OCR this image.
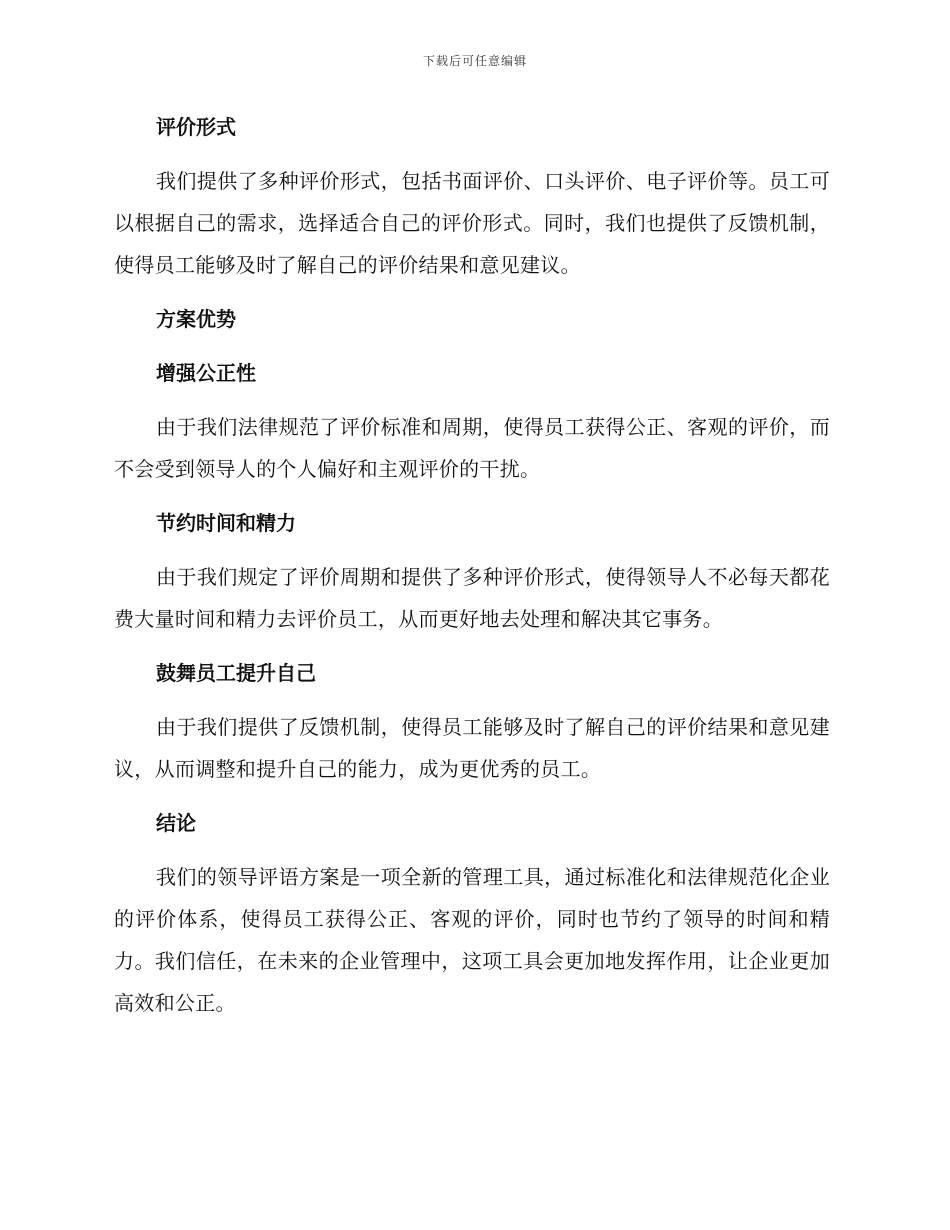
下载后可任意编辑
评价形式

我们提供了多种评价形式，包括书面评价、口头评价、电子评价等。员工可以根据自己的需求，选择适合自己的评价形式。同时，我们也提供了反馈机制，使得员工能够及时了解自己的评价结果和意见建议。

方案优势
增强公正性

由于我们法律规范了评价标准和周期，使得员工获得公正、客观的评价，而不会受到领导人的个人偏好和主观评价的干扰。

节约时间和精力

由于我们规定了评价周期和提供了多种评价形式，使得领导人不必每天都花费大量时间和精力去评价员工，从而更好地去处理和解决其它事务。

鼓舞员工提升自己

由于我们提供了反馈机制，使得员工能够及时了解自己的评价结果和意见建议，从而调整和提升自己的能力，成为更优秀的员工。

结论

我们的领导评语方案是一项全新的管理工具，通过标准化和法律规范化企业的评价体系，使得员工获得公正、客观的评价，同时也节约了领导的时间和精力。我们信任，在未来的企业管理中，这项工具会更加地发挥作用，让企业更加高效和公正。
